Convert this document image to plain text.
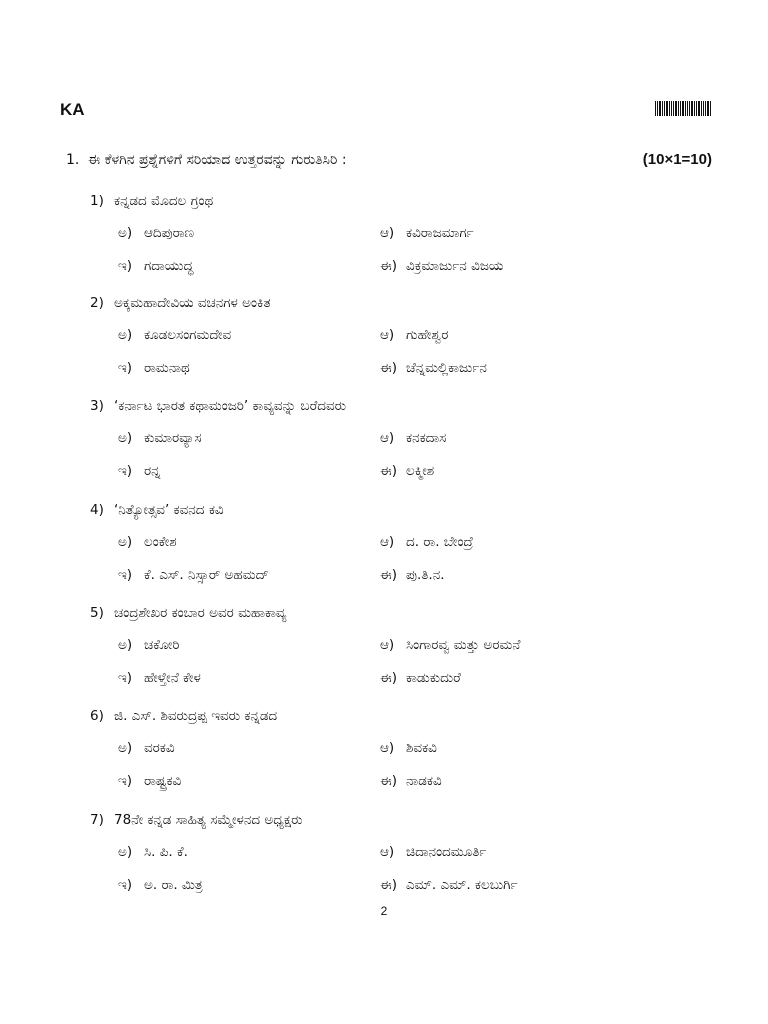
KA
1. ಈ ಕೆಳಗಿನ ಪ್ರಶ್ನೆಗಳಿಗೆ ಸರಿಯಾದ ಉತ್ತರವನ್ನು ಗುರುತಿಸಿರಿ :	(10×1=10)
1) ಕನ್ನಡದ ಮೊದಲ ಗ್ರಂಥ
ಅ) ಆದಿಪುರಾಣ	ಆ) ಕವಿರಾಜಮಾರ್ಗ
ಇ) ಗದಾಯುದ್ಧ	ಈ) ವಿಕ್ರಮಾರ್ಜುನ ವಿಜಯ
2) ಅಕ್ಕಮಹಾದೇವಿಯ ವಚನಗಳ ಅಂಕಿತ
ಅ) ಕೂಡಲಸಂಗಮದೇವ	ಆ) ಗುಹೇಶ್ವರ
ಇ) ರಾಮನಾಥ	ಈ) ಚೆನ್ನಮಲ್ಲಿಕಾರ್ಜುನ
3) ‘ಕರ್ನಾಟ ಭಾರತ ಕಥಾಮಂಜರಿ’ ಕಾವ್ಯವನ್ನು ಬರೆದವರು
ಅ) ಕುಮಾರವ್ಯಾಸ	ಆ) ಕನಕದಾಸ
ಇ) ರನ್ನ	ಈ) ಲಕ್ಮೀಶ
4) ‘ನಿತ್ಯೋತ್ಸವ’ ಕವನದ ಕವಿ
ಅ) ಲಂಕೇಶ	ಆ) ದ. ರಾ. ಬೇಂದ್ರೆ
ಇ) ಕೆ. ಎಸ್. ನಿಸ್ಸಾರ್ ಅಹಮದ್	ಈ) ಪು.ತಿ.ನ.
5) ಚಂದ್ರಶೇಖರ ಕಂಬಾರ ಅವರ ಮಹಾಕಾವ್ಯ
ಅ) ಚಕೋರಿ	ಆ) ಸಿಂಗಾರವ್ವ ಮತ್ತು ಅರಮನೆ
ಇ) ಹೇಳ್ತೇನೆ ಕೇಳ	ಈ) ಕಾಡುಕುದುರೆ
6) ಜಿ. ಎಸ್. ಶಿವರುದ್ರಪ್ಪ ಇವರು ಕನ್ನಡದ
ಅ) ವರಕವಿ	ಆ) ಶಿವಕವಿ
ಇ) ರಾಷ್ಟ್ರಕವಿ	ಈ) ನಾಡಕವಿ
7) 78ನೇ ಕನ್ನಡ ಸಾಹಿತ್ಯ ಸಮ್ಮೇಳನದ ಅಧ್ಯಕ್ಷರು
ಅ) ಸಿ. ಪಿ. ಕೆ.	ಆ) ಚಿದಾನಂದಮೂರ್ತಿ
ಇ) ಅ. ರಾ. ಮಿತ್ರ	ಈ) ಎಮ್. ಎಮ್. ಕಲಬುರ್ಗಿ
2
